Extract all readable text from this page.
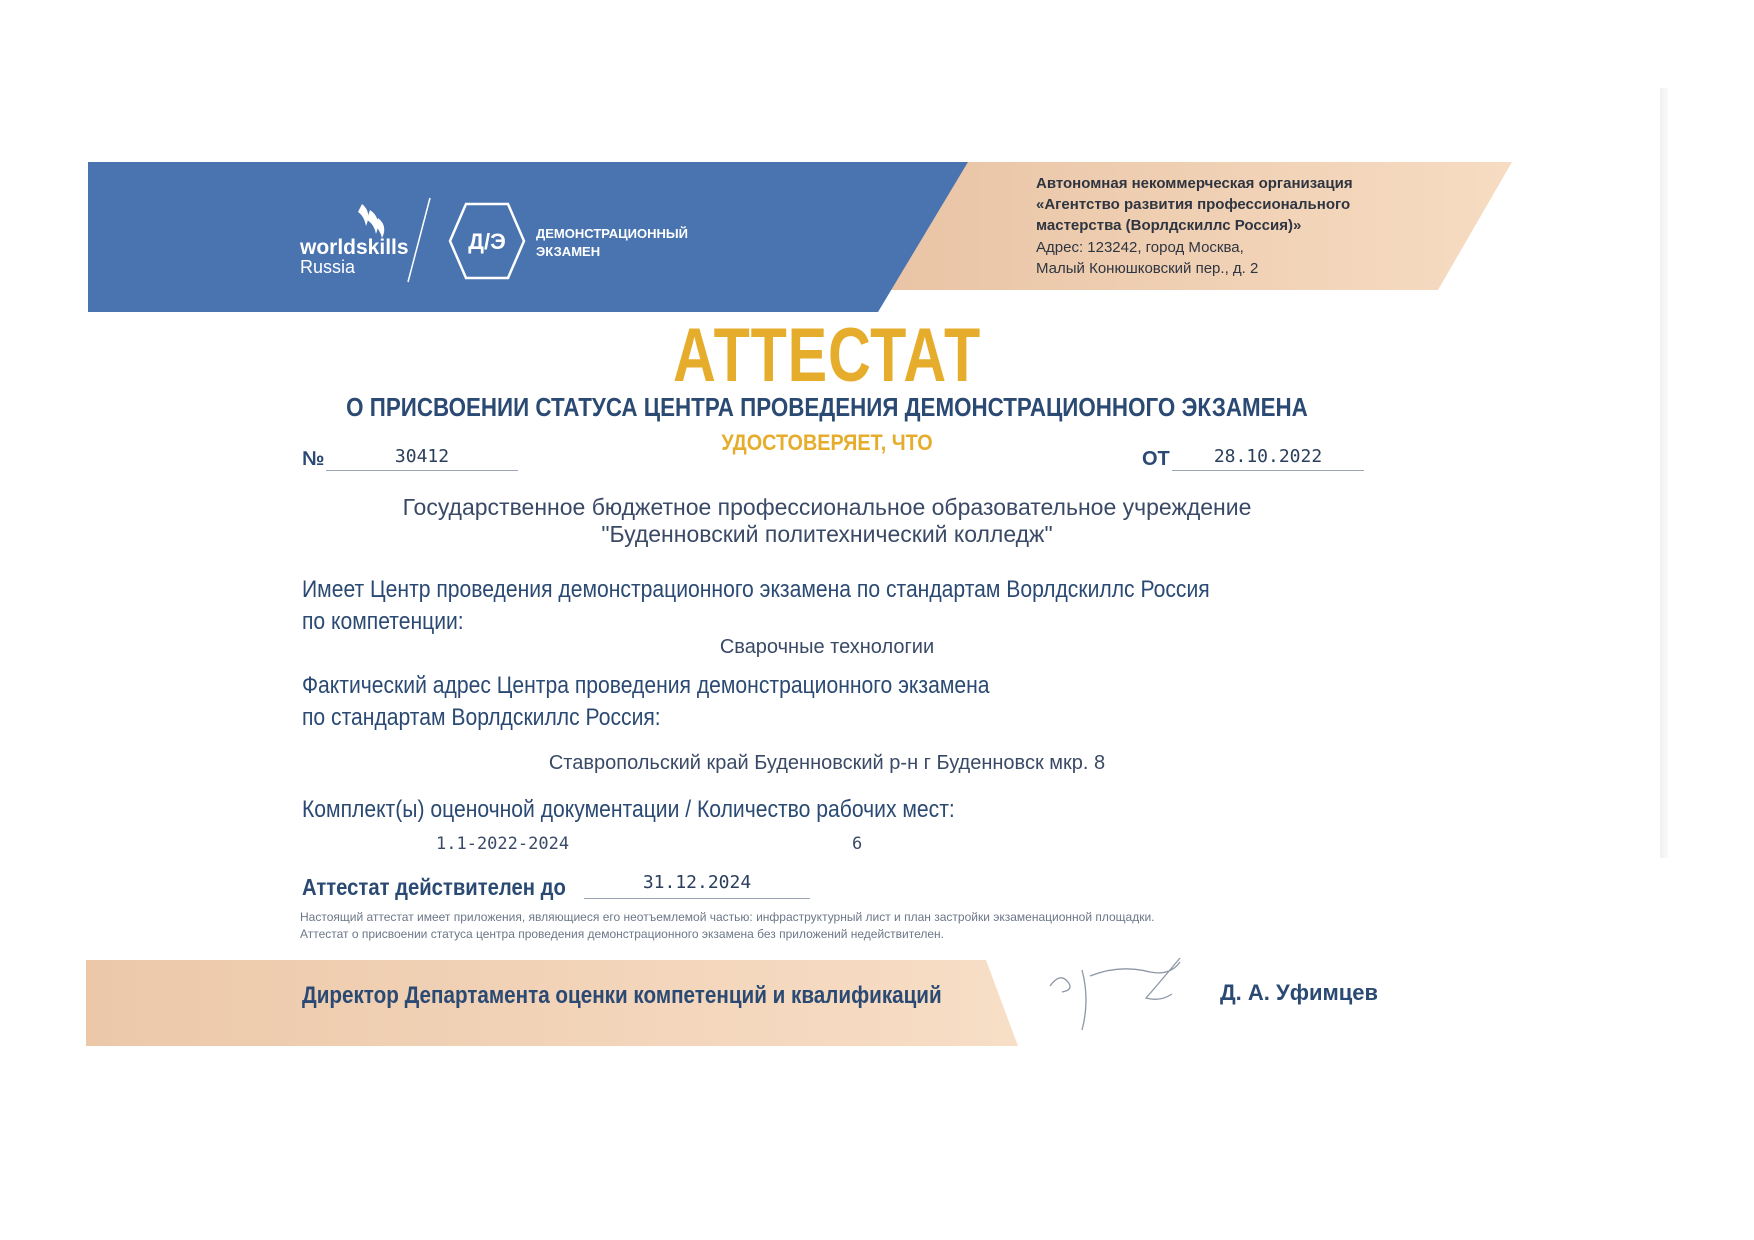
worldskills
Russia
Д/Э ДЕМОНСТРАЦИОННЫЙ
ЭКЗАМЕН
Автономная некоммерческая организация
«Агентство развития профессионального
мастерства (Ворлдскиллс Россия)»
Адрес: 123242, город Москва,
Малый Конюшковский пер., д. 2
АТТЕСТАТ
О ПРИСВОЕНИИ СТАТУСА ЦЕНТРА ПРОВЕДЕНИЯ ДЕМОНСТРАЦИОННОГО ЭКЗАМЕНА
УДОСТОВЕРЯЕТ, ЧТО
№	30412	ОТ	28.10.2022
Государственное бюджетное профессиональное образовательное учреждение
"Буденновский политехнический колледж"
Имеет Центр проведения демонстрационного экзамена по стандартам Ворлдскиллс Россия
по компетенции:
Сварочные технологии
Фактический адрес Центра проведения демонстрационного экзамена
по стандартам Ворлдскиллс Россия:
Ставропольский край Буденновский р-н г Буденновск мкр. 8
Комплект(ы) оценочной документации / Количество рабочих мест:
1.1-2022-2024	6
Аттестат действителен до	31.12.2024
Настоящий аттестат имеет приложения, являющиеся его неотъемлемой частью: инфраструктурный лист и план застройки экзаменационной площадки.
Аттестат о присвоении статуса центра проведения демонстрационного экзамена без приложений недействителен.
Директор Департамента оценки компетенций и квалификаций	Д. А. Уфимцев
